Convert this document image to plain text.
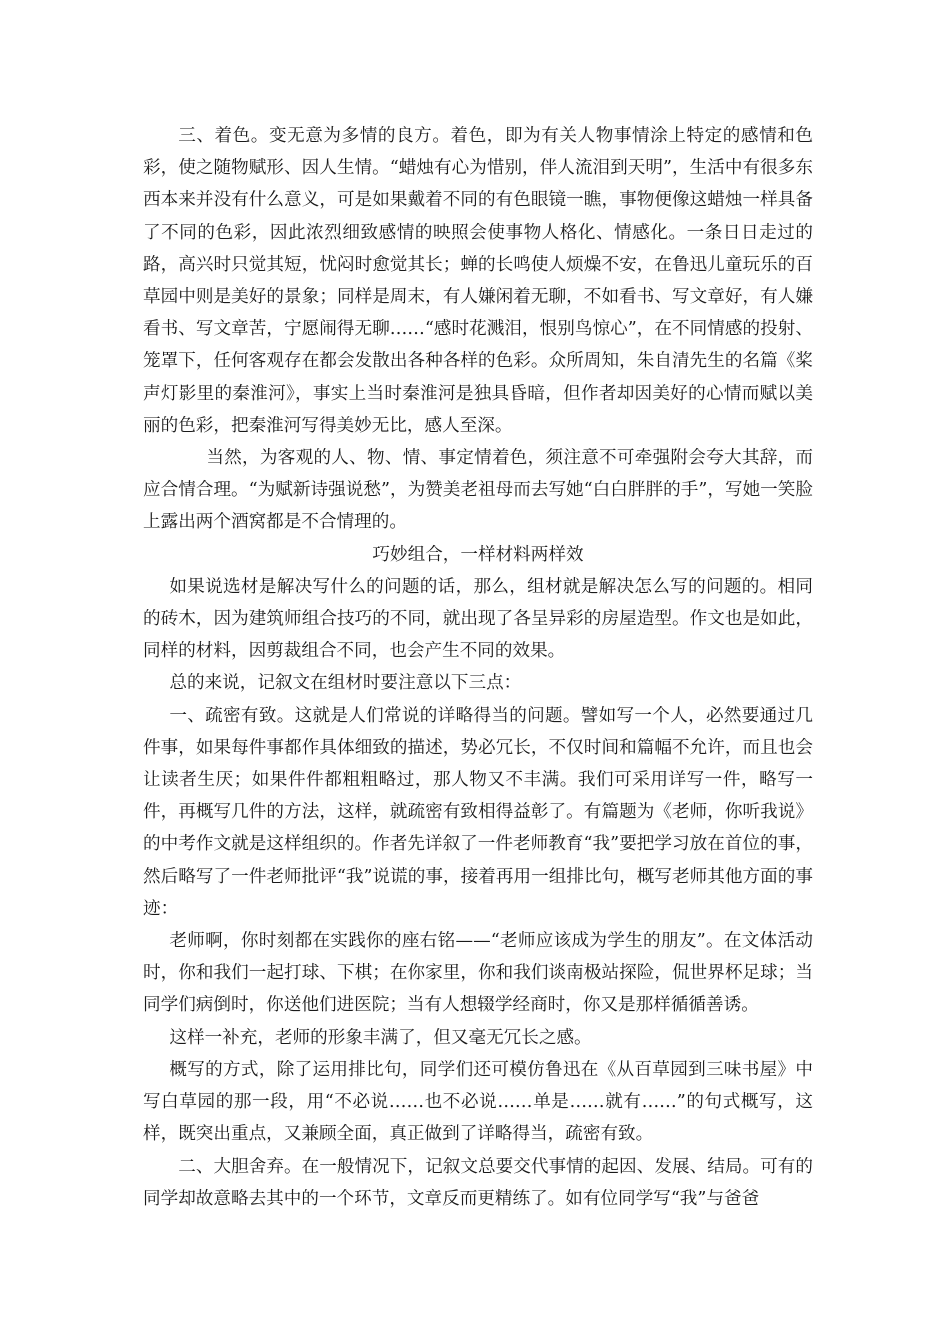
三、着色。变无意为多情的良方。着色，即为有关人物事情涂上特定的感情和色彩，使之随物赋形、因人生情。“蜡烛有心为惜别，伴人流泪到天明”，生活中有很多东西本来并没有什么意义，可是如果戴着不同的有色眼镜一瞧，事物便像这蜡烛一样具备了不同的色彩，因此浓烈细致感情的映照会使事物人格化、情感化。一条日日走过的路，高兴时只觉其短，忧闷时愈觉其长；蝉的长鸣使人烦燥不安，在鲁迅儿童玩乐的百草园中则是美好的景象；同样是周末，有人嫌闲着无聊，不如看书、写文章好，有人嫌看书、写文章苦，宁愿闹得无聊……“感时花溅泪，恨别鸟惊心”，在不同情感的投射、笼罩下，任何客观存在都会发散出各种各样的色彩。众所周知，朱自清先生的名篇《桨声灯影里的秦淮河》，事实上当时秦淮河是独具昏暗，但作者却因美好的心情而赋以美丽的色彩，把秦淮河写得美妙无比，感人至深。

当然，为客观的人、物、情、事定情着色，须注意不可牵强附会夸大其辞，而应合情合理。“为赋新诗强说愁”，为赞美老祖母而去写她“白白胖胖的手”，写她一笑脸上露出两个酒窝都是不合情理的。

巧妙组合，一样材料两样效

如果说选材是解决写什么的问题的话，那么，组材就是解决怎么写的问题的。相同的砖木，因为建筑师组合技巧的不同，就出现了各呈异彩的房屋造型。作文也是如此，同样的材料，因剪裁组合不同，也会产生不同的效果。

总的来说，记叙文在组材时要注意以下三点：

一、疏密有致。这就是人们常说的详略得当的问题。譬如写一个人，必然要通过几件事，如果每件事都作具体细致的描述，势必冗长，不仅时间和篇幅不允许，而且也会让读者生厌；如果件件都粗粗略过，那人物又不丰满。我们可采用详写一件，略写一件，再概写几件的方法，这样，就疏密有致相得益彰了。有篇题为《老师，你听我说》的中考作文就是这样组织的。作者先详叙了一件老师教育“我”要把学习放在首位的事，然后略写了一件老师批评“我”说谎的事，接着再用一组排比句，概写老师其他方面的事迹：

老师啊，你时刻都在实践你的座右铭——“老师应该成为学生的朋友”。在文体活动时，你和我们一起打球、下棋；在你家里，你和我们谈南极站探险，侃世界杯足球；当同学们病倒时，你送他们进医院；当有人想辍学经商时，你又是那样循循善诱。

这样一补充，老师的形象丰满了，但又毫无冗长之感。

概写的方式，除了运用排比句，同学们还可模仿鲁迅在《从百草园到三味书屋》中写白草园的那一段，用“不必说……也不必说……单是……就有……”的句式概写，这样，既突出重点，又兼顾全面，真正做到了详略得当，疏密有致。

二、大胆舍弃。在一般情况下，记叙文总要交代事情的起因、发展、结局。可有的同学却故意略去其中的一个环节，文章反而更精练了。如有位同学写“我”与爸爸
